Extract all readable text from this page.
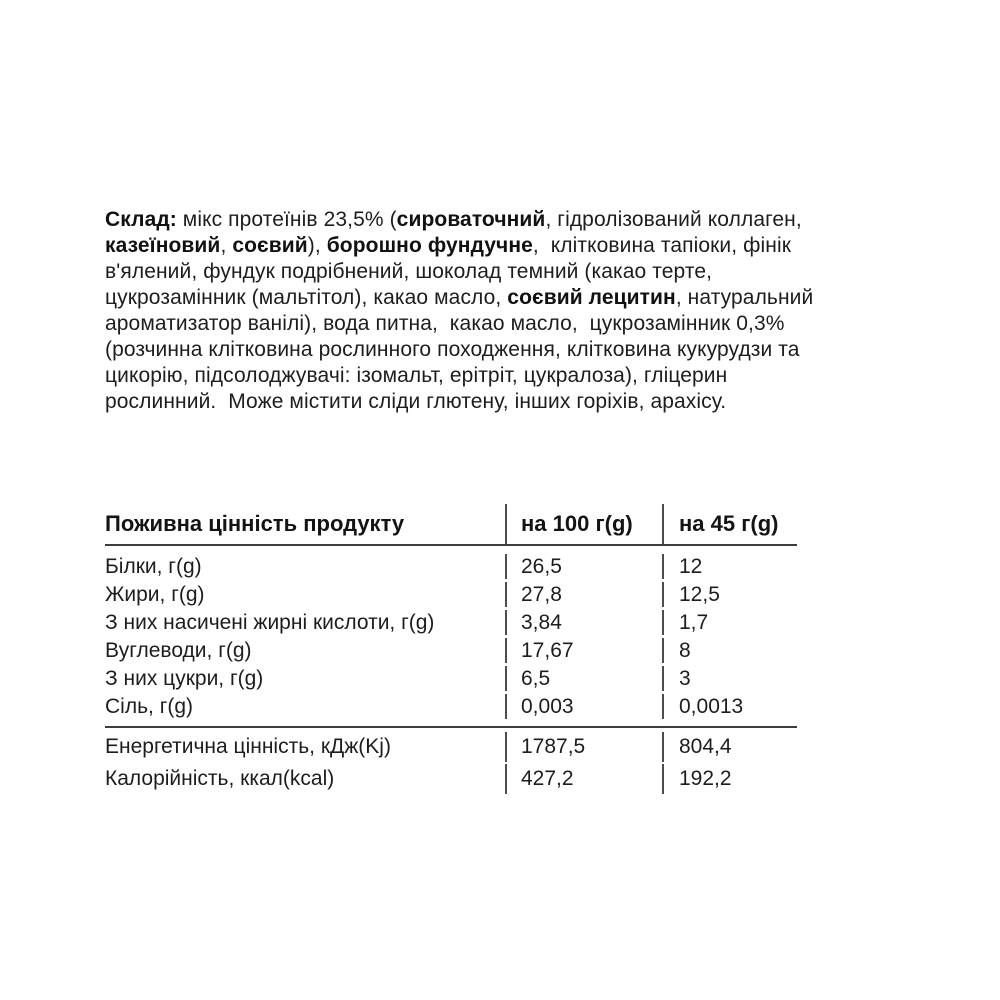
Склад: мікс протеїнів 23,5% (сироваточний, гідролізований коллаген,
казеїновий, соєвий), борошно фундучне,  клітковина тапіоки, фінік
в'ялений, фундук подрібнений, шоколад темний (какао терте,
цукрозамінник (мальтітол), какао масло, соєвий лецитин, натуральний
ароматизатор ванілі), вода питна,  какао масло,  цукрозамінник 0,3%
(розчинна клітковина рослинного походження, клітковина кукурудзи та
цикорію, підсолоджувачі: ізомальт, ерітріт, цукралоза), гліцерин
рослинний.  Може містити сліди глютену, інших горіхів, арахісу.
Поживна цінність продукту	на 100 г(g) на 45 г(g)
Білки, г(g)	26,5	12
Жири, г(g)	27,8	12,5
З них насичені жирні кислоти, г(g)	3,84	1,7
Вуглеводи, г(g)	17,67	8
З них цукри, г(g)	6,5	3
Сіль, г(g)	0,003	0,0013
Енергетична цінність, кДж(Kj)	1787,5	804,4
Калорійність, ккал(kcal)	427,2	192,2
